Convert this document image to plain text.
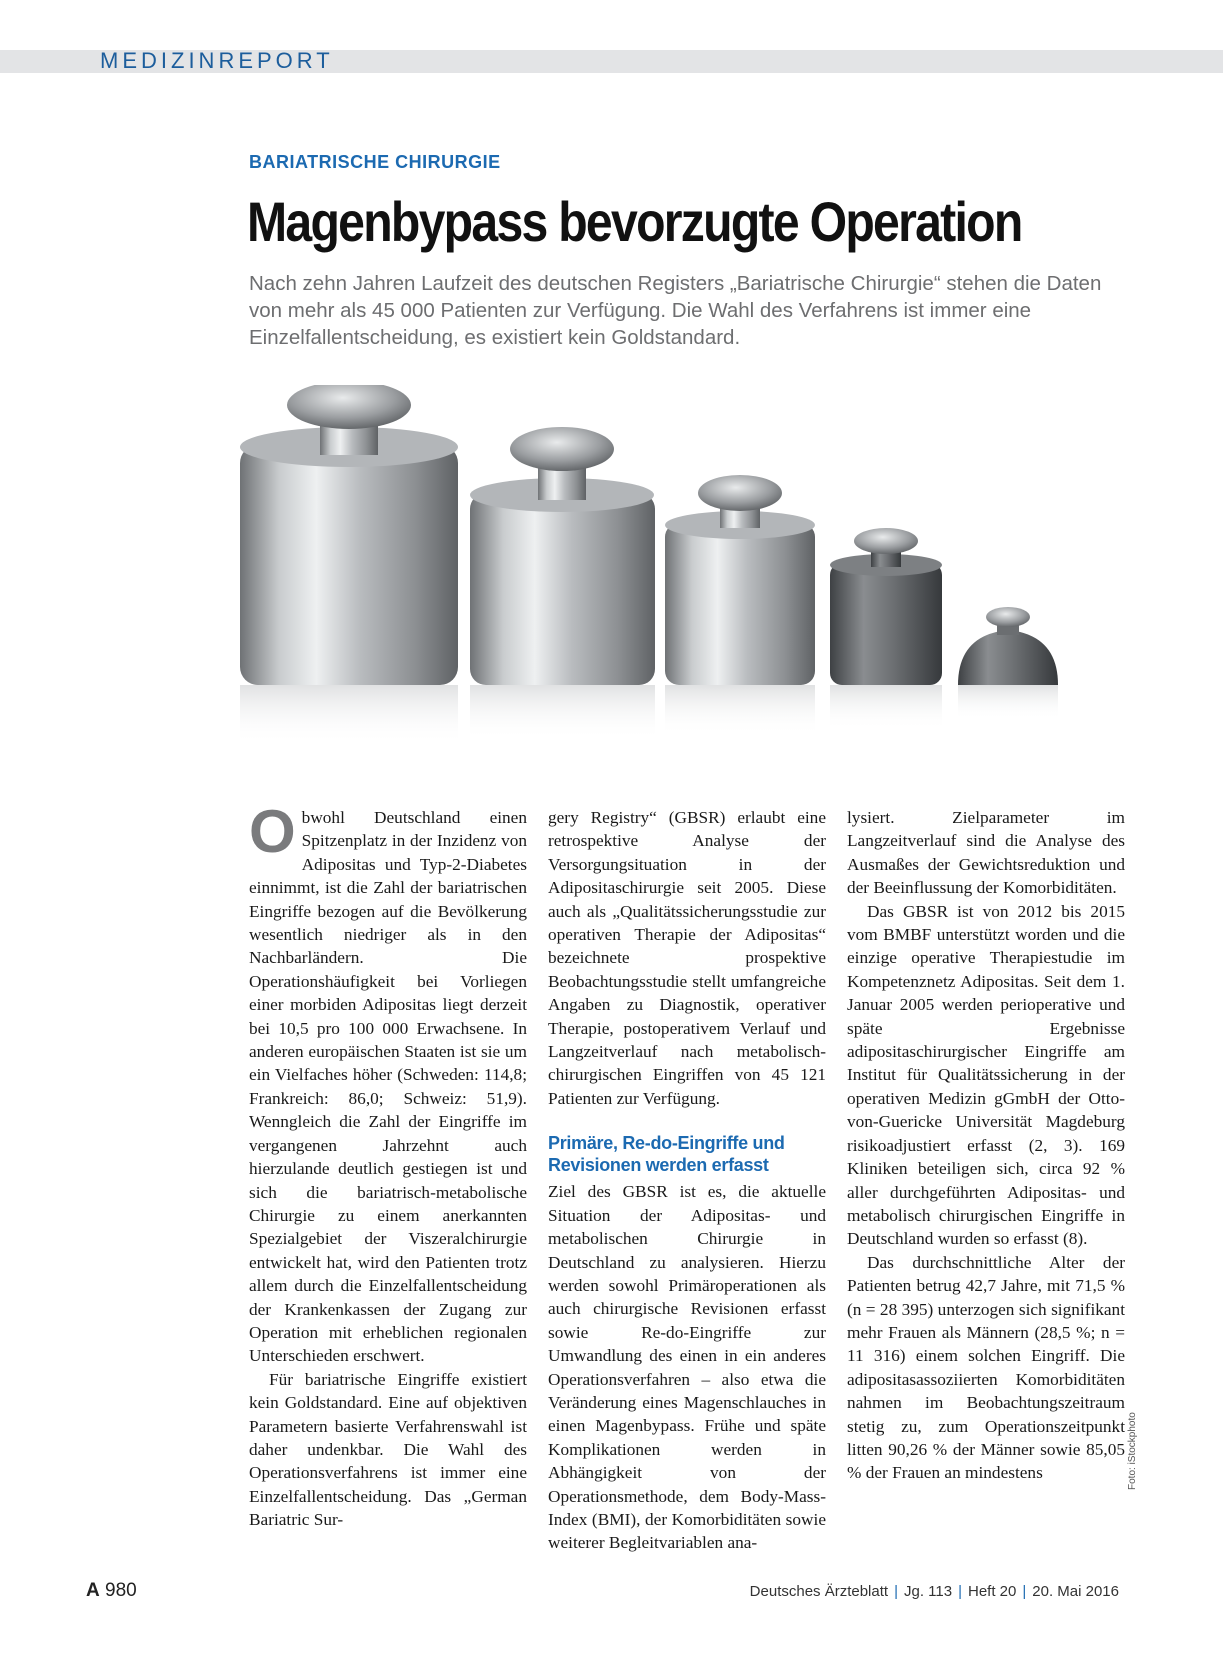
MEDIZINREPORT
BARIATRISCHE CHIRURGIE
Magenbypass bevorzugte Operation
Nach zehn Jahren Laufzeit des deutschen Registers „Bariatrische Chirurgie“ stehen die Daten von mehr als 45 000 Patienten zur Verfügung. Die Wahl des Verfahrens ist immer eine Einzelfallentscheidung, es existiert kein Goldstandard.

Obwohl Deutschland einen Spitzenplatz in der Inzidenz von Adipositas und Typ-2-Diabetes einnimmt, ist die Zahl der bariatrischen Eingriffe bezogen auf die Bevölkerung wesentlich niedriger als in den Nachbarländern. Die Operationshäufigkeit bei Vorliegen einer morbiden Adipositas liegt derzeit bei 10,5 pro 100 000 Erwachsene. In anderen europäischen Staaten ist sie um ein Vielfaches höher (Schweden: 114,8; Frankreich: 86,0; Schweiz: 51,9). Wenngleich die Zahl der Eingriffe im vergangenen Jahrzehnt auch hierzulande deutlich gestiegen ist und sich die bariatrisch-metabolische Chirurgie zu einem anerkannten Spezialgebiet der Viszeralchirurgie entwickelt hat, wird den Patienten trotz allem durch die Einzelfallentscheidung der Krankenkassen der Zugang zur Operation mit erheblichen regionalen Unterschieden erschwert.

Für bariatrische Eingriffe existiert kein Goldstandard. Eine auf objektiven Parametern basierte Verfahrenswahl ist daher undenkbar. Die Wahl des Operationsverfahrens ist immer eine Einzelfallentscheidung. Das „German Bariatric Sur-

gery Registry“ (GBSR) erlaubt eine retrospektive Analyse der Versorgungsituation in der Adipositaschirurgie seit 2005. Diese auch als „Qualitätssicherungsstudie zur operativen Therapie der Adipositas“ bezeichnete prospektive Beobachtungsstudie stellt umfangreiche Angaben zu Diagnostik, operativer Therapie, postoperativem Verlauf und Langzeitverlauf nach metabolisch-chirurgischen Eingriffen von 45 121 Patienten zur Verfügung.

Primäre, Re-do-Eingriffe und Revisionen werden erfasst

Ziel des GBSR ist es, die aktuelle Situation der Adipositas- und metabolischen Chirurgie in Deutschland zu analysieren. Hierzu werden sowohl Primäroperationen als auch chirurgische Revisionen erfasst sowie Re-do-Eingriffe zur Umwandlung des einen in ein anderes Operationsverfahren – also etwa die Veränderung eines Magenschlauches in einen Magenbypass. Frühe und späte Komplikationen werden in Abhängigkeit von der Operationsmethode, dem Body-Mass-Index (BMI), der Komorbiditäten sowie weiterer Begleitvariablen ana-

lysiert. Zielparameter im Langzeitverlauf sind die Analyse des Ausmaßes der Gewichtsreduktion und der Beeinflussung der Komorbiditäten.

Das GBSR ist von 2012 bis 2015 vom BMBF unterstützt worden und die einzige operative Therapiestudie im Kompetenznetz Adipositas. Seit dem 1. Januar 2005 werden perioperative und späte Ergebnisse adipositaschirurgischer Eingriffe am Institut für Qualitätssicherung in der operativen Medizin gGmbH der Otto-von-Guericke Universität Magdeburg risikoadjustiert erfasst (2, 3). 169 Kliniken beteiligen sich, circa 92 % aller durchgeführten Adipositas- und metabolisch chirurgischen Eingriffe in Deutschland wurden so erfasst (8).

Das durchschnittliche Alter der Patienten betrug 42,7 Jahre, mit 71,5 % (n = 28 395) unterzogen sich signifikant mehr Frauen als Männern (28,5 %; n = 11 316) einem solchen Eingriff. Die adipositasassoziierten Komorbiditäten nahmen im Beobachtungszeitraum stetig zu, zum Operationszeitpunkt litten 90,26 % der Männer sowie 85,05 % der Frauen an mindestens	Foto: iStockphoto
A 980	Deutsches Ärzteblatt | Jg. 113 | Heft 20 | 20. Mai 2016
